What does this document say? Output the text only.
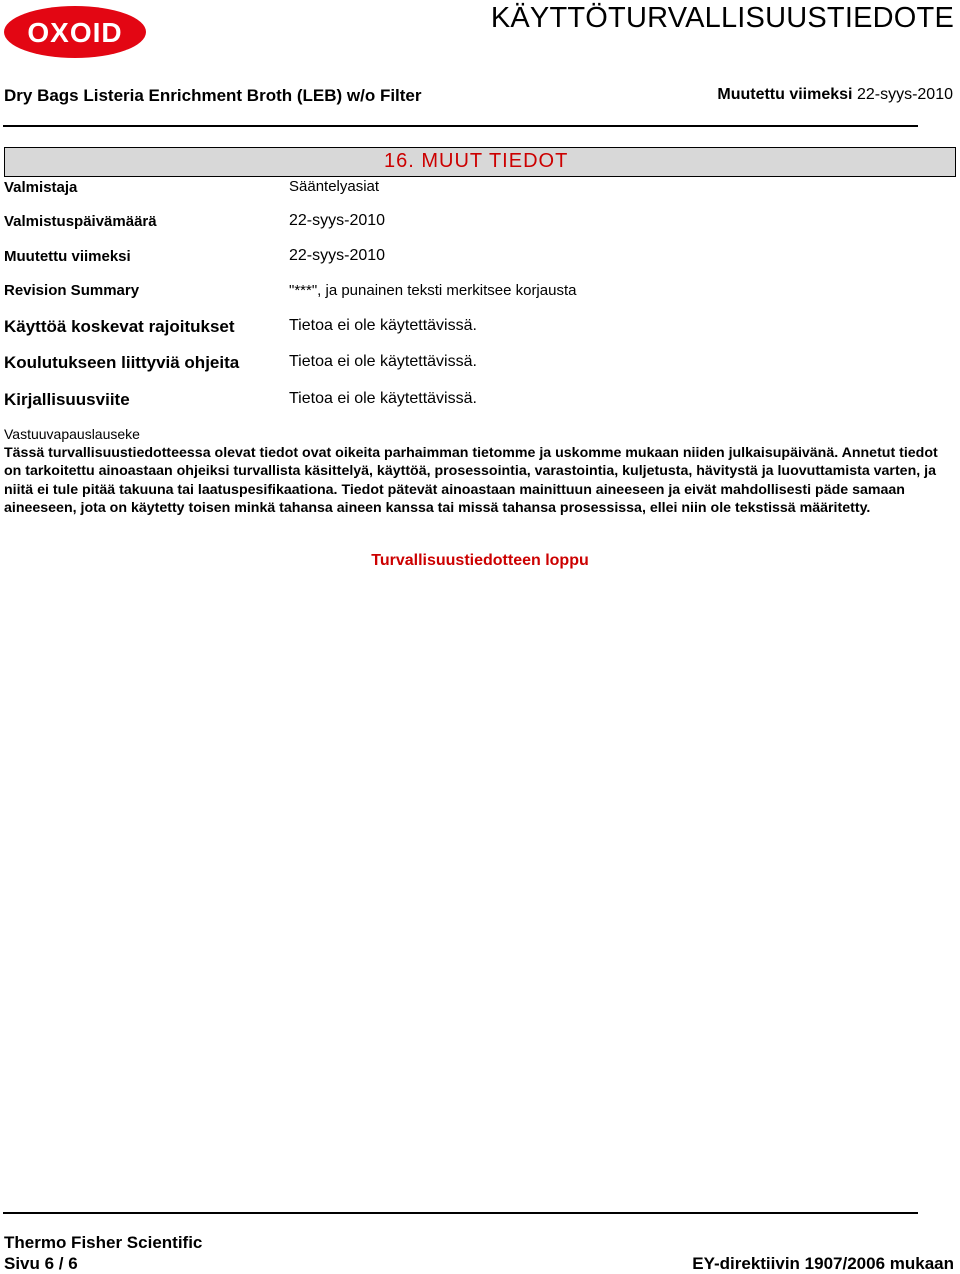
OXOID	KÄYTTÖTURVALLISUUSTIEDOTE
Dry Bags Listeria Enrichment Broth (LEB) w/o Filter	Muutettu viimeksi 22-syys-2010
16. MUUT TIEDOT
Valmistaja	Sääntelyasiat
Valmistuspäivämäärä	22-syys-2010
Muutettu viimeksi	22-syys-2010
Revision Summary	"***", ja punainen teksti merkitsee korjausta
Käyttöä koskevat rajoitukset	Tietoa ei ole käytettävissä.
Koulutukseen liittyviä ohjeita	Tietoa ei ole käytettävissä.
Kirjallisuusviite	Tietoa ei ole käytettävissä.
Vastuuvapauslauseke
Tässä turvallisuustiedotteessa olevat tiedot ovat oikeita parhaimman tietomme ja uskomme mukaan niiden julkaisupäivänä. Annetut tiedot on tarkoitettu ainoastaan ohjeiksi turvallista käsittelyä, käyttöä, prosessointia, varastointia, kuljetusta, hävitystä ja luovuttamista varten, ja niitä ei tule pitää takuuna tai laatuspesifikaationa. Tiedot pätevät ainoastaan mainittuun aineeseen ja eivät mahdollisesti päde samaan aineeseen, jota on käytetty toisen minkä tahansa aineen kanssa tai missä tahansa prosessissa, ellei niin ole tekstissä määritetty.
Turvallisuustiedotteen loppu
Thermo Fisher Scientific
Sivu 6 / 6	EY-direktiivin 1907/2006 mukaan
